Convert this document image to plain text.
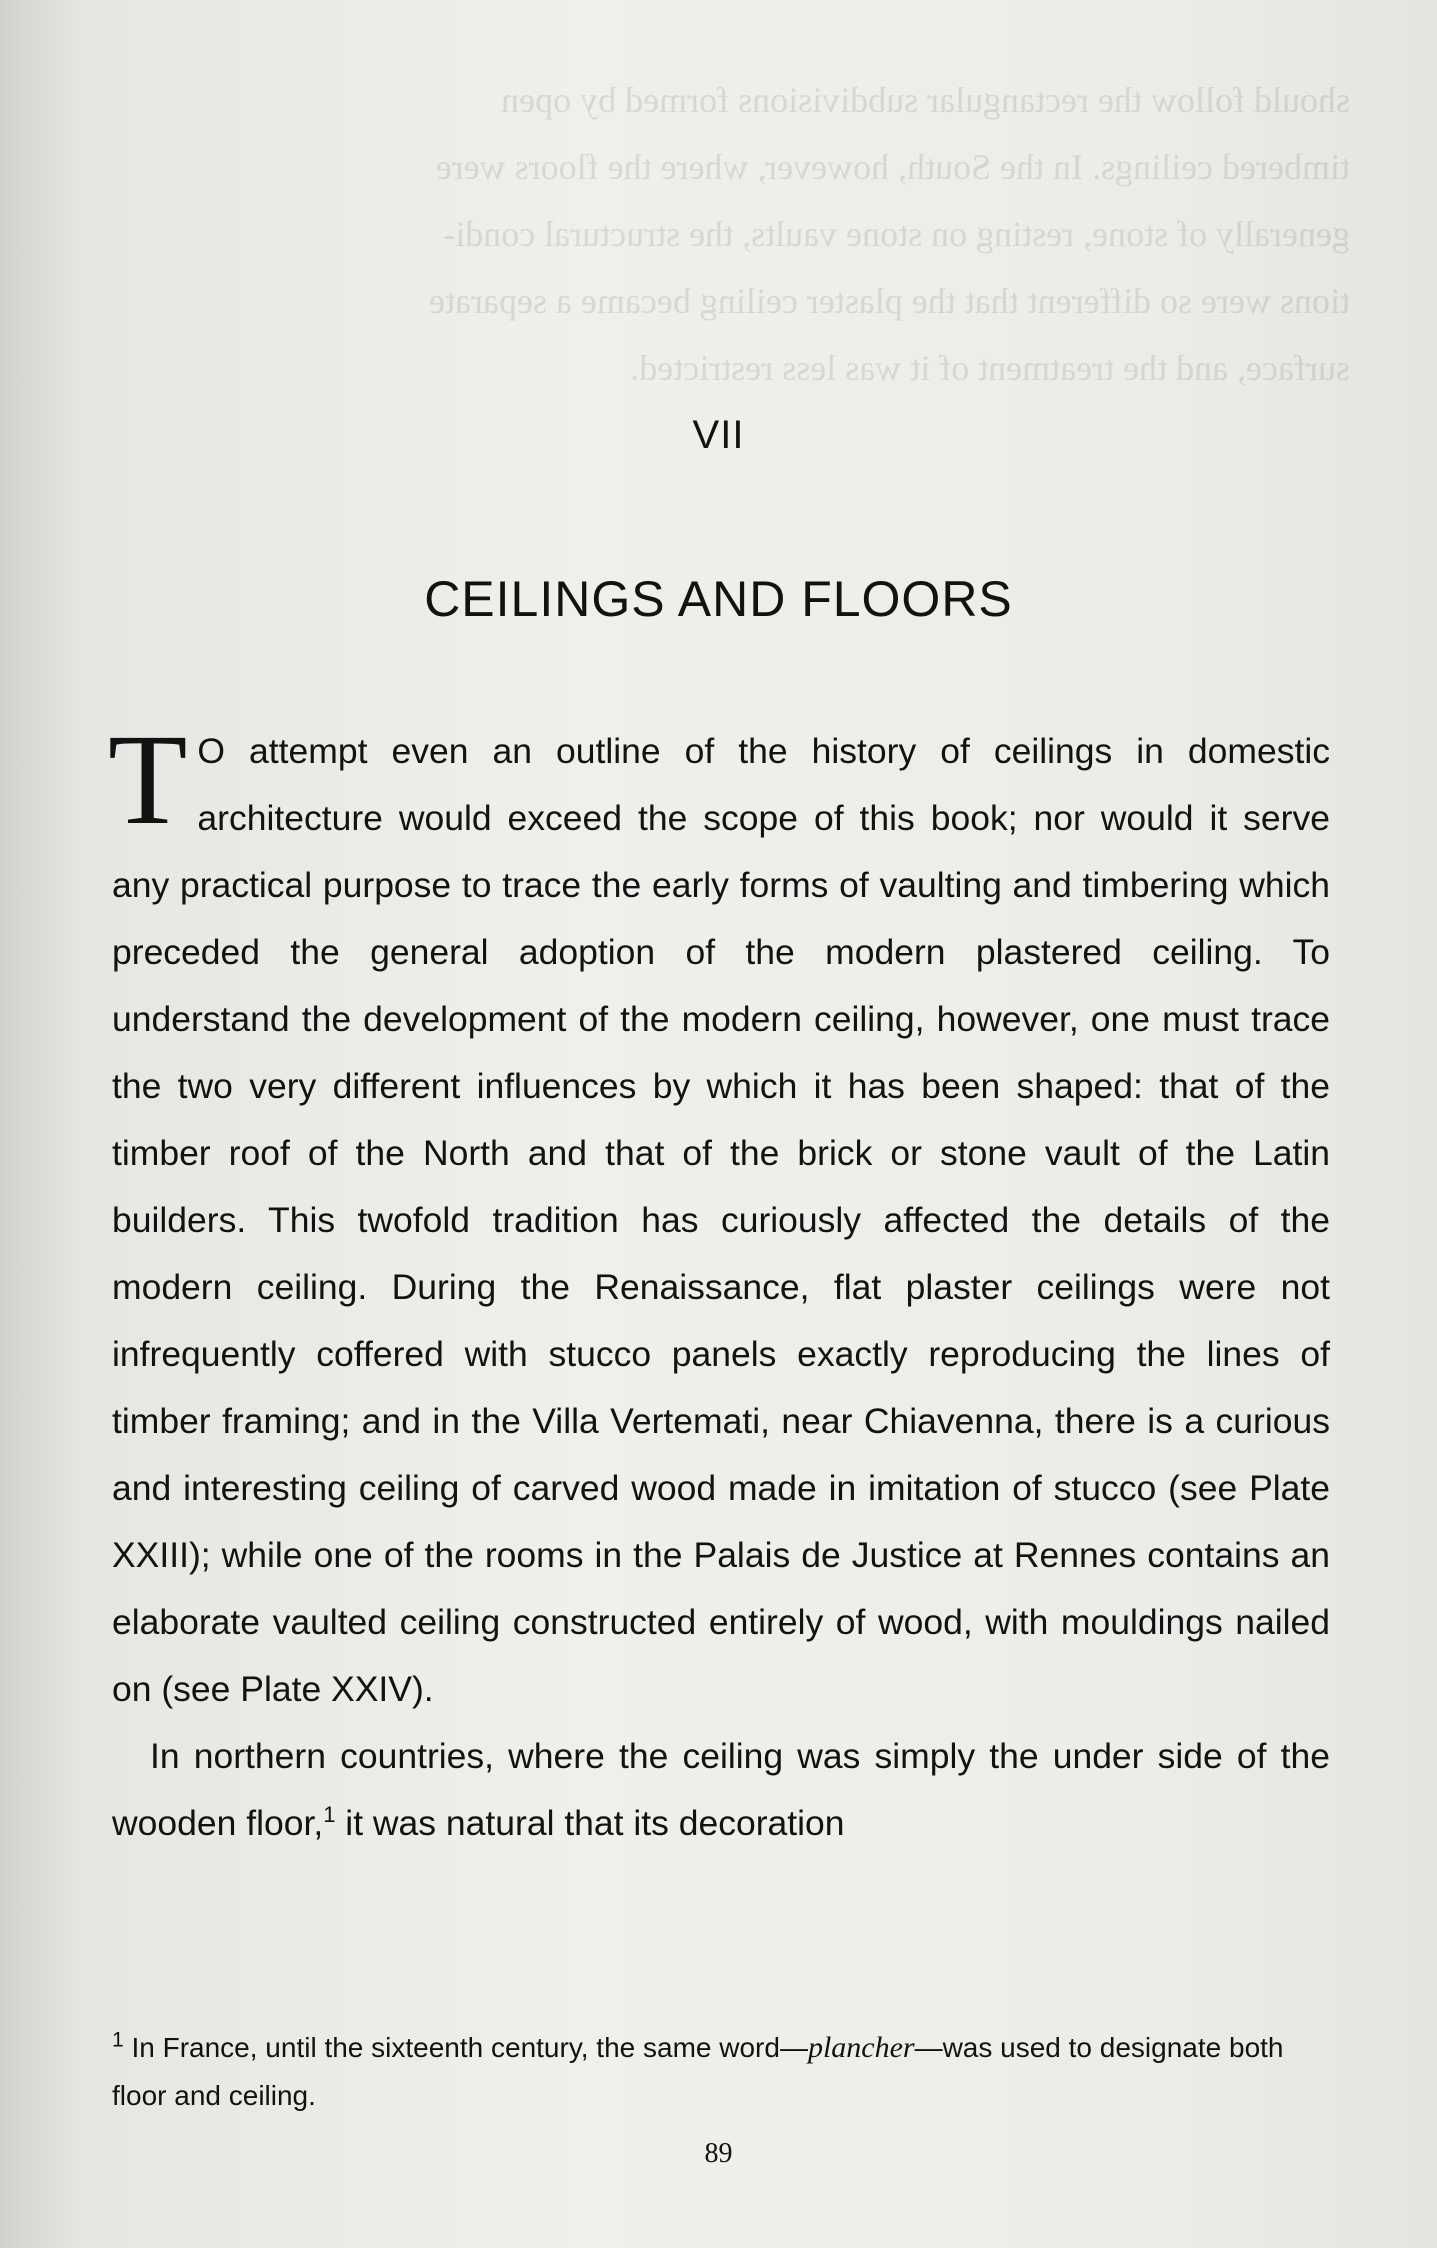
should follow the rectangular subdivisions formed by open
timbered ceilings. In the South, however, where the floors were
generally of stone, resting on stone vaults, the structural condi-
tions were so different that the plaster ceiling became a separate
surface, and the treatment of it was less restricted.

VII
CEILINGS AND FLOORS

T O attempt even an outline of the history of ceilings in domestic architecture would exceed the scope of this book; nor would it serve any practical purpose to trace the early forms of vaulting and timbering which preceded the general adoption of the modern plastered ceiling. To understand the development of the modern ceiling, however, one must trace the two very different influences by which it has been shaped: that of the timber roof of the North and that of the brick or stone vault of the Latin builders. This twofold tradition has curiously affected the details of the modern ceiling. During the Renaissance, flat plaster ceilings were not infrequently coffered with stucco panels exactly reproducing the lines of timber framing; and in the Villa Vertemati, near Chiavenna, there is a curious and interesting ceiling of carved wood made in imitation of stucco (see Plate XXIII); while one of the rooms in the Palais de Justice at Rennes contains an elaborate vaulted ceiling constructed entirely of wood, with mouldings nailed on (see Plate XXIV).

In northern countries, where the ceiling was simply the under side of the wooden floor,$^1$ it was natural that its decoration

$^1$ In France, until the sixteenth century, the same word—plancher—was used to designate both floor and ceiling.
89
